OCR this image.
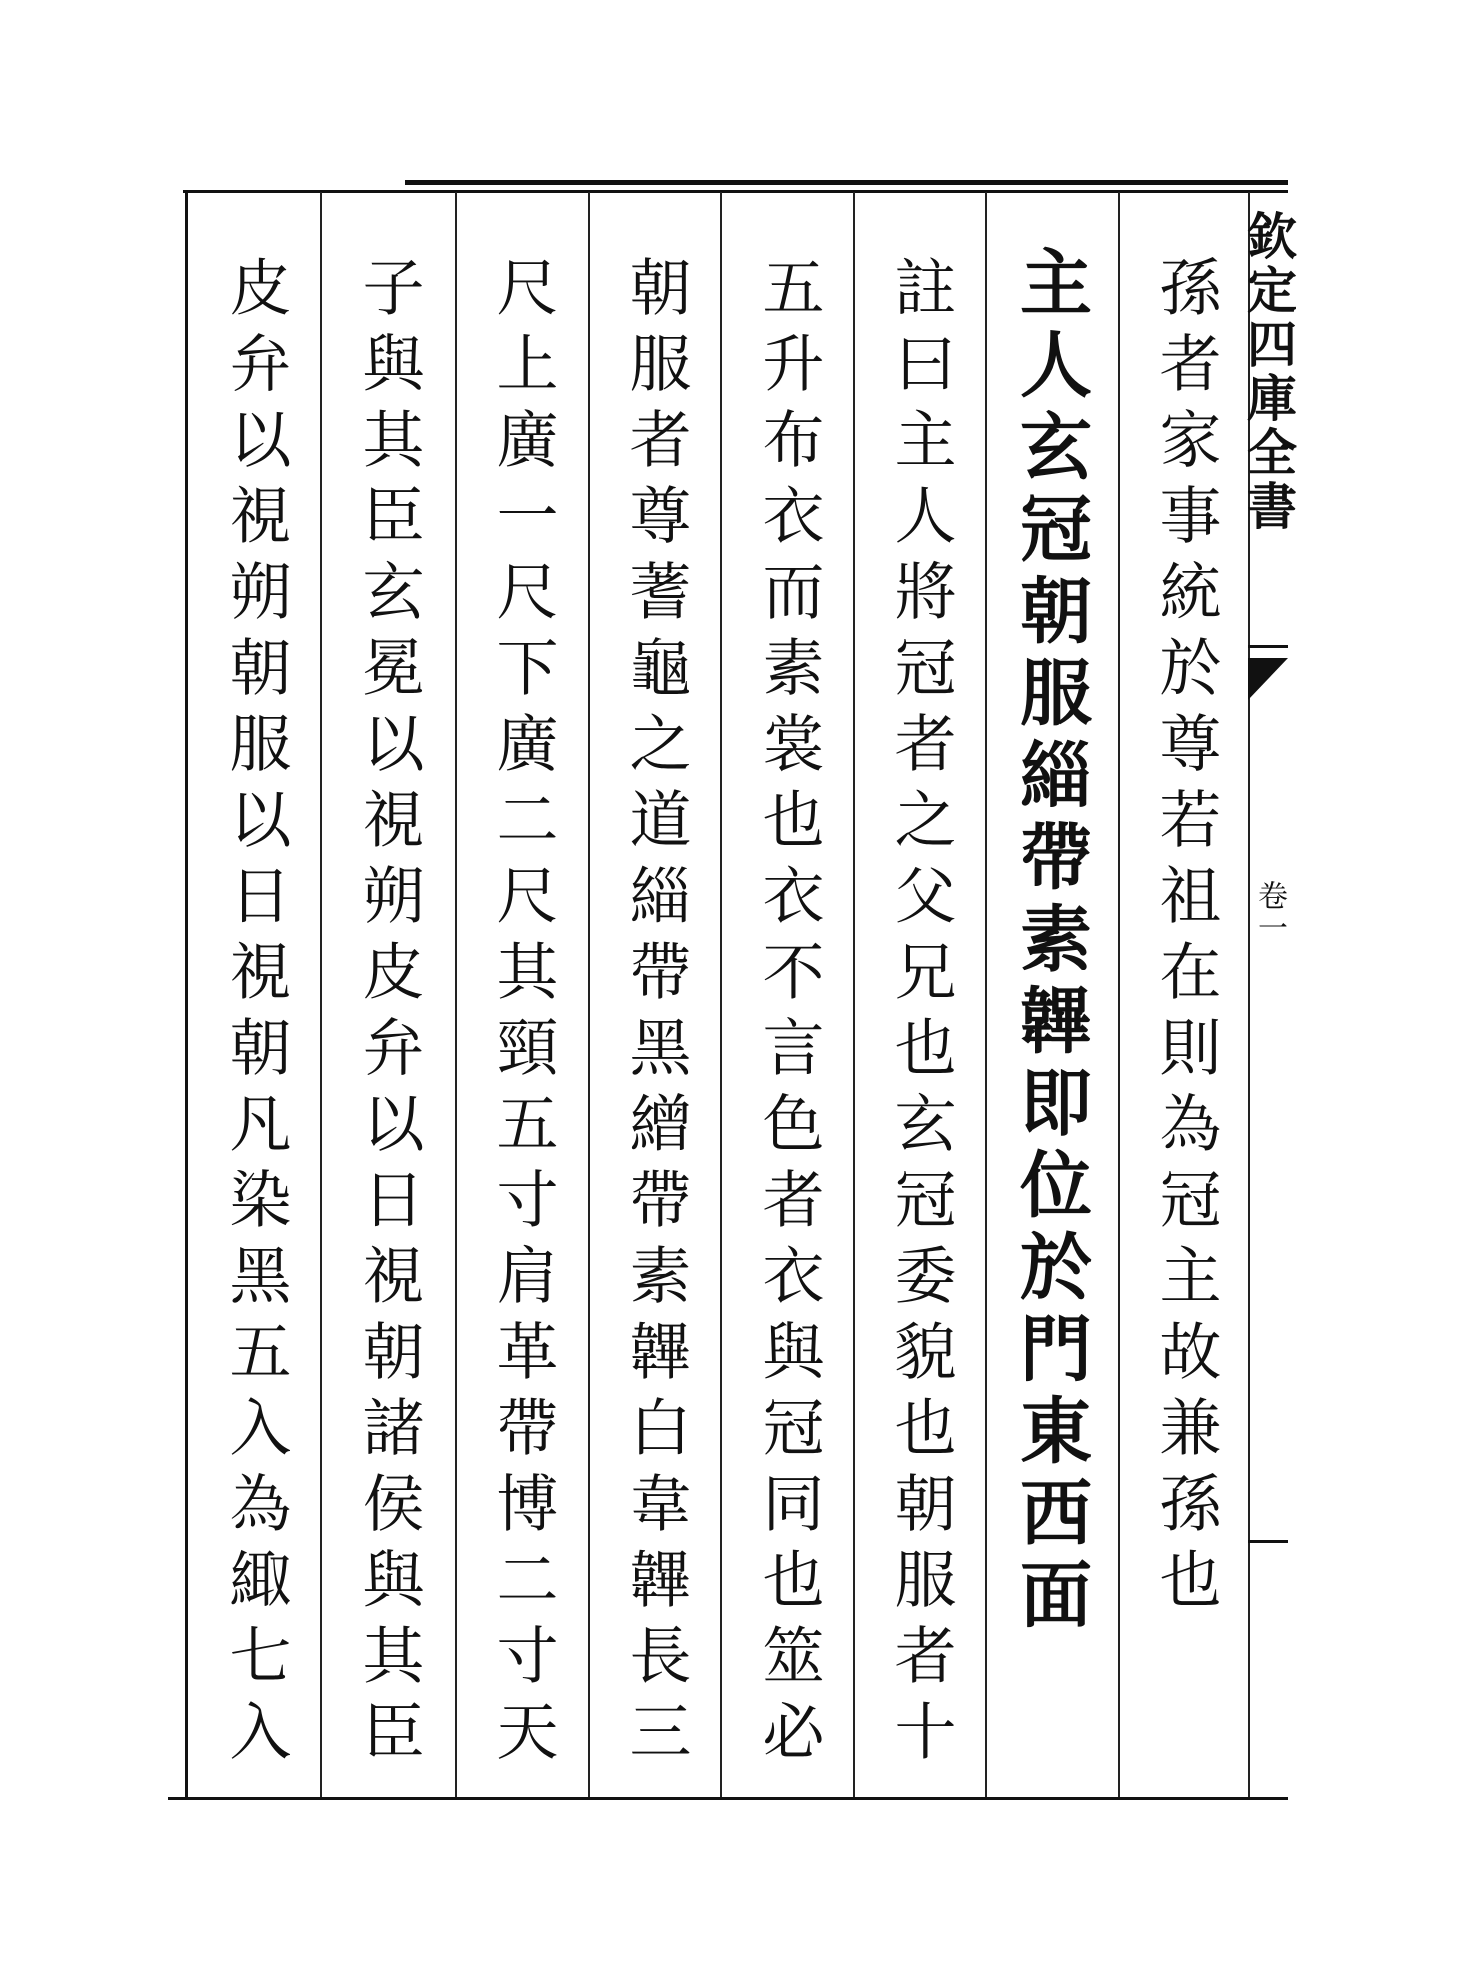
欽定四庫全書
卷一
孫者家事統於尊若祖在則為冠主故兼孫也
主人玄冠朝服緇帶素韠即位於門東西面
註曰主人將冠者之父兄也玄冠委貌也朝服者十
五升布衣而素裳也衣不言色者衣與冠同也筮必
朝服者尊蓍龜之道緇帶黑繒帶素韠白韋韠長三
尺上廣一尺下廣二尺其頸五寸肩革帶博二寸天
子與其臣玄冕以視朔皮弁以日視朝諸侯與其臣
皮弁以視朔朝服以日視朝凡染黑五入為緅七入
